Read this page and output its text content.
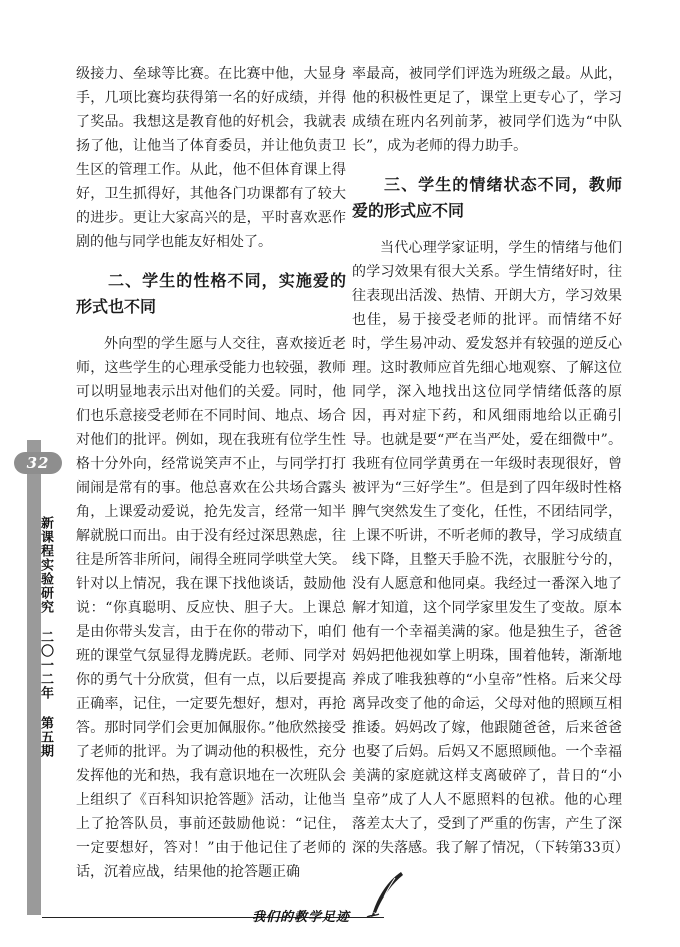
32
新课程实验研究 二〇一二年 第五期

级接力、垒球等比赛。在比赛中他，大显身手，几项比赛均获得第一名的好成绩，并得了奖品。我想这是教育他的好机会，我就表扬了他，让他当了体育委员，并让他负责卫生区的管理工作。从此，他不但体育课上得好，卫生抓得好，其他各门功课都有了较大的进步。更让大家高兴的是，平时喜欢恶作剧的他与同学也能友好相处了。

二、学生的性格不同，实施爱的形式也不同

外向型的学生愿与人交往，喜欢接近老师，这些学生的心理承受能力也较强，教师可以明显地表示出对他们的关爱。同时，他们也乐意接受老师在不同时间、地点、场合对他们的批评。例如，现在我班有位学生性格十分外向，经常说笑声不止，与同学打打闹闹是常有的事。他总喜欢在公共场合露头角，上课爱动爱说，抢先发言，经常一知半解就脱口而出。由于没有经过深思熟虑，往往是所答非所问，闹得全班同学哄堂大笑。针对以上情况，我在课下找他谈话，鼓励他说：“你真聪明、反应快、胆子大。上课总是由你带头发言，由于在你的带动下，咱们班的课堂气氛显得龙腾虎跃。老师、同学对你的勇气十分欣赏，但有一点，以后要提高正确率，记住，一定要先想好，想对，再抢答。那时同学们会更加佩服你。”他欣然接受了老师的批评。为了调动他的积极性，充分发挥他的光和热，我有意识地在一次班队会上组织了《百科知识抢答题》活动，让他当上了抢答队员，事前还鼓励他说：“记住，一定要想好，答对！”由于他记住了老师的话，沉着应战，结果他的抢答题正确

率最高，被同学们评选为班级之最。从此，他的积极性更足了，课堂上更专心了，学习成绩在班内名列前茅，被同学们选为“中队长”，成为老师的得力助手。

三、学生的情绪状态不同，教师爱的形式应不同

当代心理学家证明，学生的情绪与他们的学习效果有很大关系。学生情绪好时，往往表现出活泼、热情、开朗大方，学习效果也佳，易于接受老师的批评。而情绪不好时，学生易冲动、爱发怒并有较强的逆反心理。这时教师应首先细心地观察、了解这位同学，深入地找出这位同学情绪低落的原因，再对症下药，和风细雨地给以正确引导。也就是要“严在当严处，爱在细微中”。我班有位同学黄勇在一年级时表现很好，曾被评为“三好学生”。但是到了四年级时性格脾气突然发生了变化，任性，不团结同学，上课不听讲，不听老师的教导，学习成绩直线下降，且整天手脸不洗，衣服脏兮兮的，没有人愿意和他同桌。我经过一番深入地了解才知道，这个同学家里发生了变故。原本他有一个幸福美满的家。他是独生子，爸爸妈妈把他视如掌上明珠，围着他转，渐渐地养成了唯我独尊的“小皇帝”性格。后来父母离异改变了他的命运，父母对他的照顾互相推诿。妈妈改了嫁，他跟随爸爸，后来爸爸也娶了后妈。后妈又不愿照顾他。一个幸福美满的家庭就这样支离破碎了，昔日的“小皇帝”成了人人不愿照料的包袱。他的心理落差太大了，受到了严重的伤害，产生了深深的失落感。我了解了情况，（下转第33页）

我们的教学足迹
